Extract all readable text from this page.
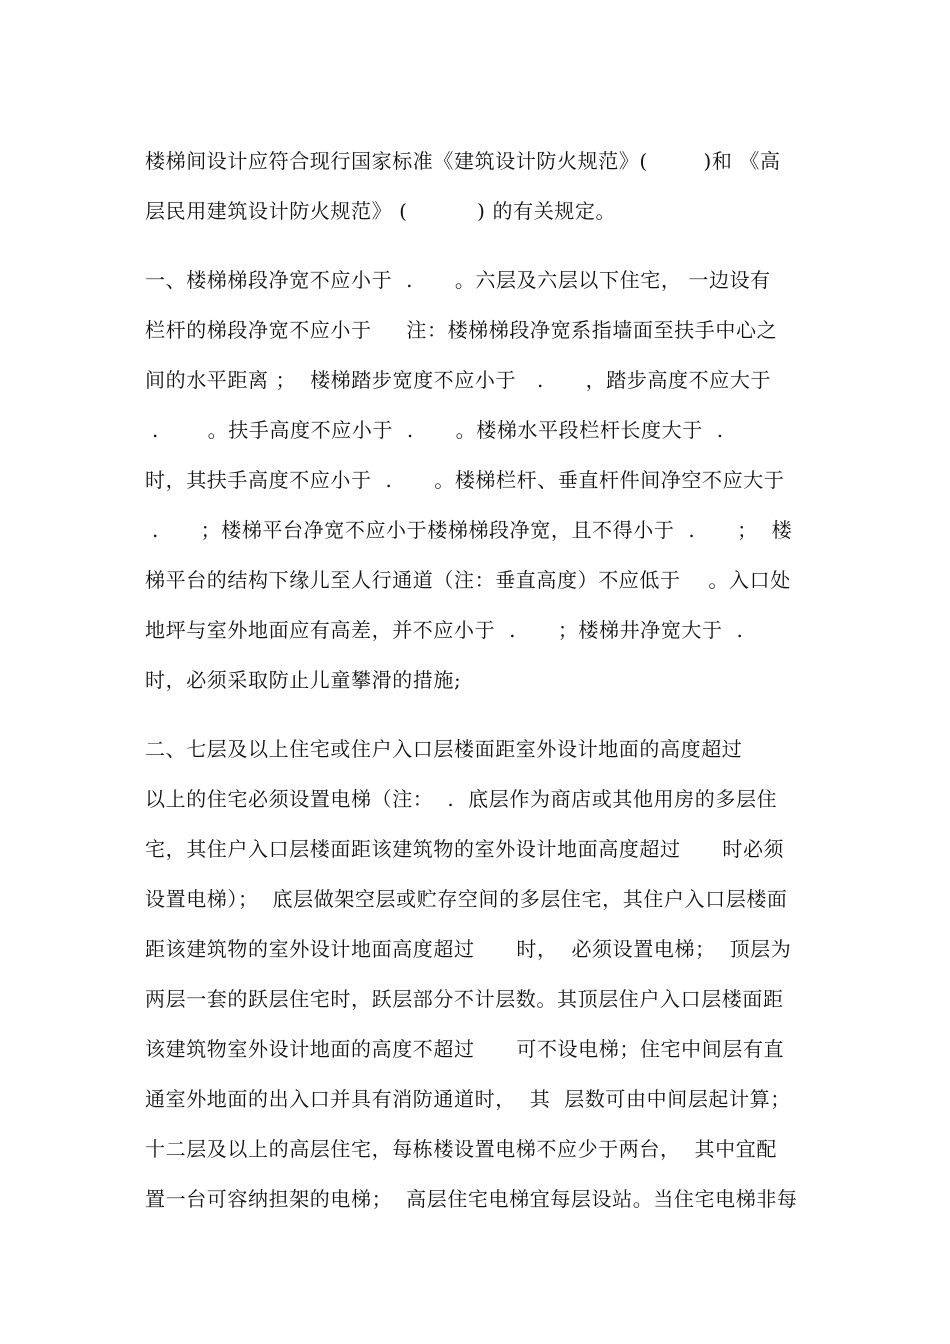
楼梯间设计应符合现行国家标准《建筑设计防火规范》(        )和 《高
层民用建筑设计防火规范》 (          ) 的有关规定。
一、楼梯梯段净宽不应小于  .      。六层及六层以下住宅， 一边设有
栏杆的梯段净宽不应小于     注：楼梯梯段净宽系指墙面至扶手中心之
间的水平距离 ；  楼梯踏步宽度不应小于   .      ，踏步高度不应大于
.       。扶手高度不应小于  .      。楼梯水平段栏杆长度大于  .
时，其扶手高度不应小于  .      。楼梯栏杆、垂直杆件间净空不应大于
.      ；楼梯平台净宽不应小于楼梯梯段净宽，且不得小于  .      ；  楼
梯平台的结构下缘儿至人行通道（注：垂直高度）不应低于    。入口处
地坪与室外地面应有高差，并不应小于  .      ；楼梯井净宽大于  .
时，必须采取防止儿童攀滑的措施;
二、七层及以上住宅或住户入口层楼面距室外设计地面的高度超过
以上的住宅必须设置电梯（注：  .  底层作为商店或其他用房的多层住
宅，其住户入口层楼面距该建筑物的室外设计地面高度超过      时必须
设置电梯）；  底层做架空层或贮存空间的多层住宅，其住户入口层楼面
距该建筑物的室外设计地面高度超过      时，  必须设置电梯；  顶层为
两层一套的跃层住宅时，跃层部分不计层数。其顶层住户入口层楼面距
该建筑物室外设计地面的高度不超过      可不设电梯；住宅中间层有直
通室外地面的出入口并具有消防通道时，  其  层数可由中间层起计算；
十二层及以上的高层住宅，每栋楼设置电梯不应少于两台，  其中宜配
置一台可容纳担架的电梯；  高层住宅电梯宜每层设站。当住宅电梯非每
